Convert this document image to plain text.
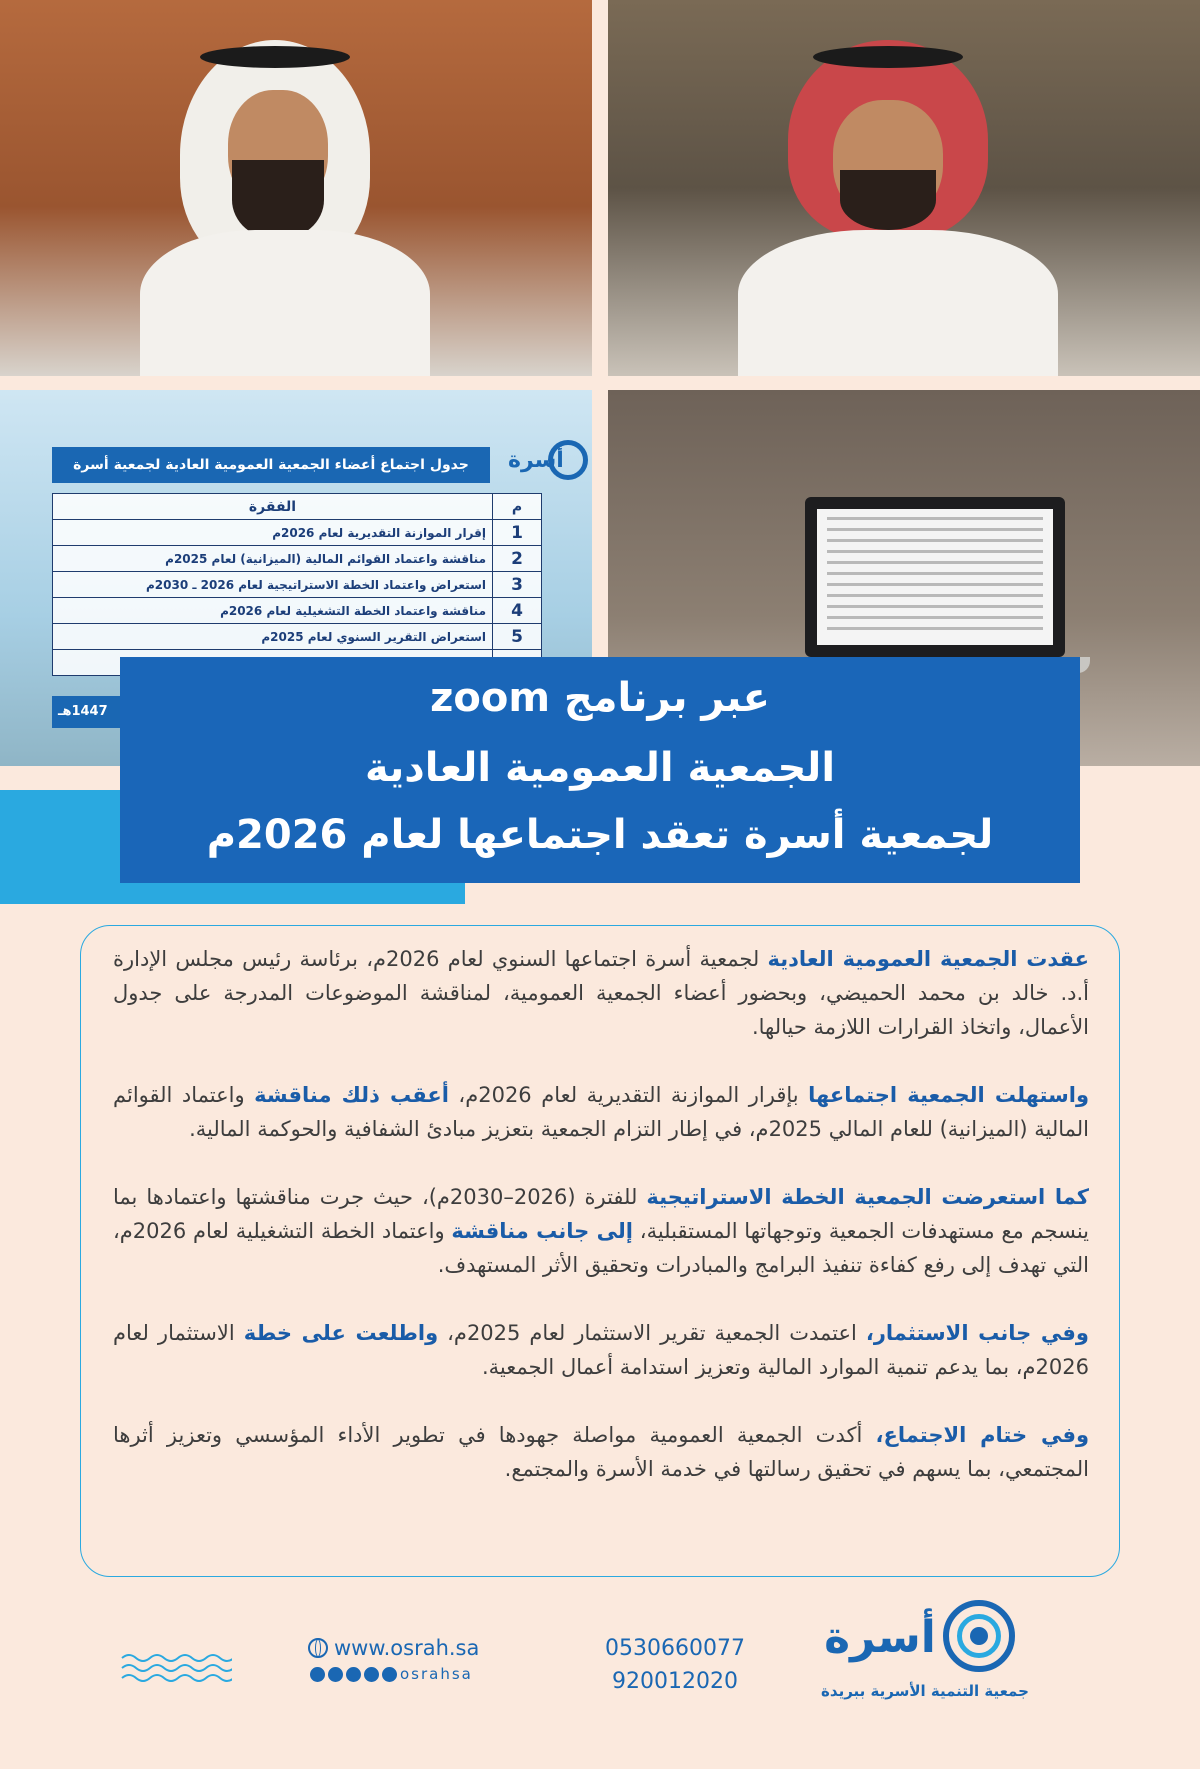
جدول اجتماع أعضاء الجمعية العمومية العادية لجمعية أسرة	أسرة
م	الفقرة
1	إقرار الموازنة التقديرية لعام 2026م
2	مناقشة واعتماد القوائم المالية (الميزانية) لعام 2025م
3	استعراض واعتماد الخطة الاستراتيجية لعام 2026 ـ 2030م
4	مناقشة واعتماد الخطة التشغيلية لعام 2026م
5	استعراض التقرير السنوي لعام 2025م

1447هـ	عبر برنامج zoom
الجمعية العمومية العادية
لجمعية أسرة تعقد اجتماعها لعام 2026م

عقدت الجمعية العمومية العادية لجمعية أسرة اجتماعها السنوي لعام 2026م، برئاسة رئيس مجلس الإدارة أ.د. خالد بن محمد الحميضي، وبحضور أعضاء الجمعية العمومية، لمناقشة الموضوعات المدرجة على جدول الأعمال، واتخاذ القرارات اللازمة حيالها.

واستهلت الجمعية اجتماعها بإقرار الموازنة التقديرية لعام 2026م، أعقب ذلك مناقشة واعتماد القوائم المالية (الميزانية) للعام المالي 2025م، في إطار التزام الجمعية بتعزيز مبادئ الشفافية والحوكمة المالية.

كما استعرضت الجمعية الخطة الاستراتيجية للفترة (2026–2030م)، حيث جرت مناقشتها واعتمادها بما ينسجم مع مستهدفات الجمعية وتوجهاتها المستقبلية، إلى جانب مناقشة واعتماد الخطة التشغيلية لعام 2026م، التي تهدف إلى رفع كفاءة تنفيذ البرامج والمبادرات وتحقيق الأثر المستهدف.

وفي جانب الاستثمار، اعتمدت الجمعية تقرير الاستثمار لعام 2025م، واطلعت على خطة الاستثمار لعام 2026م، بما يدعم تنمية الموارد المالية وتعزيز استدامة أعمال الجمعية.

وفي ختام الاجتماع، أكدت الجمعية العمومية مواصلة جهودها في تطوير الأداء المؤسسي وتعزيز أثرها المجتمعي، بما يسهم في تحقيق رسالتها في خدمة الأسرة والمجتمع.

أسرة
جمعية التنمية الأسرية ببريدة
0530660077
920012020
www.osrah.sa
osrahsa
